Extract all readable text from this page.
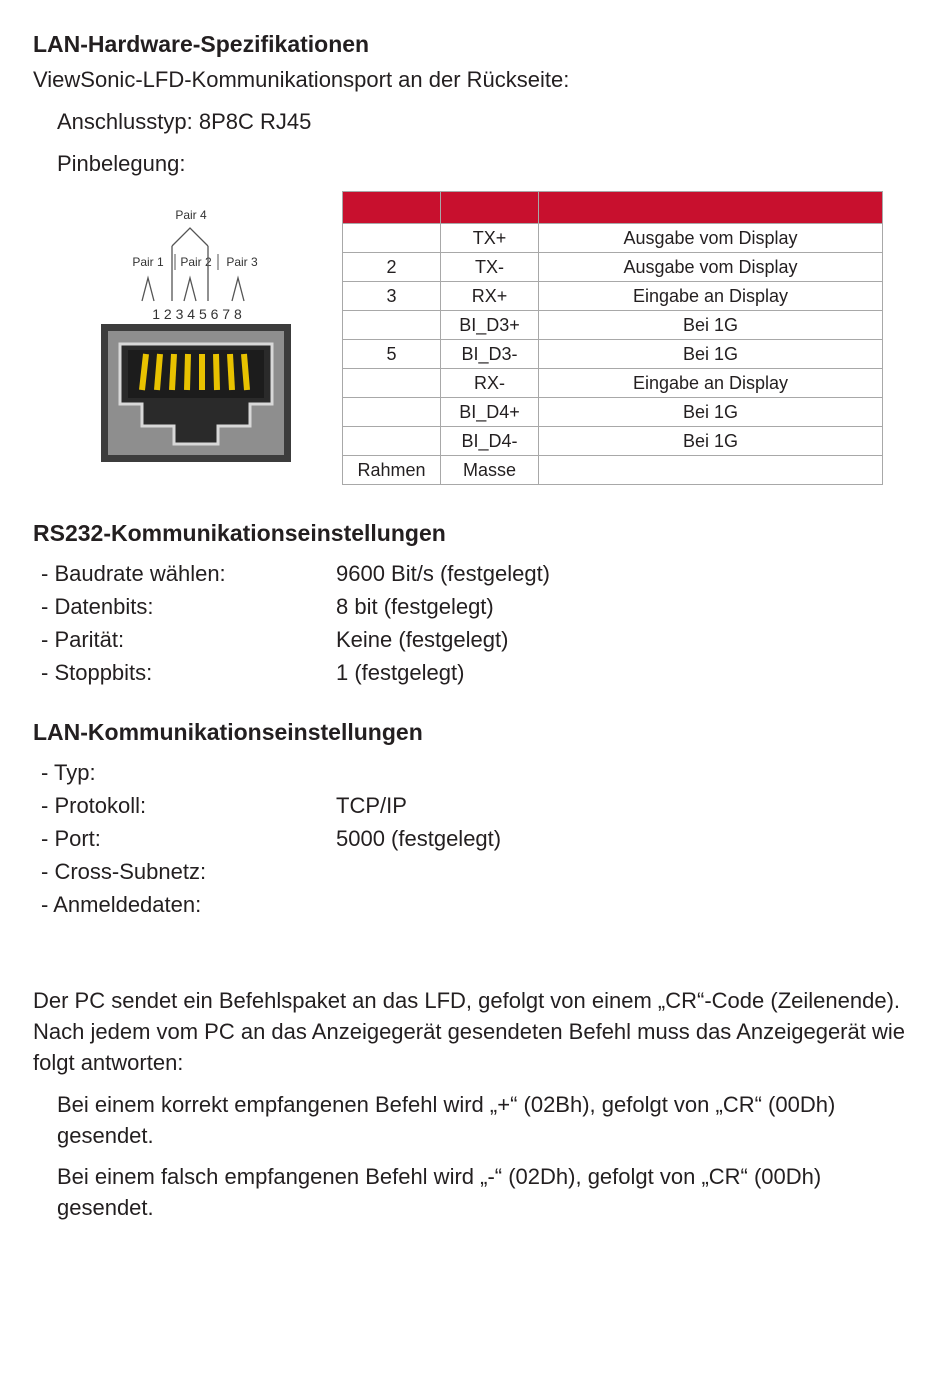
LAN-Hardware-Spezifikationen
ViewSonic-LFD-Kommunikationsport an der Rückseite:
Anschlusstyp: 8P8C RJ45
Pinbelegung:
Pair 4
Pair 1 Pair 2 Pair 3
1 2 3 4 5 6 7 8

	TX+	Ausgabe vom Display
2	TX-	Ausgabe vom Display
3	RX+	Eingabe an Display
	BI_D3+	Bei 1G
5	BI_D3-	Bei 1G
	RX-	Eingabe an Display
	BI_D4+	Bei 1G
	BI_D4-	Bei 1G
Rahmen	Masse	
RS232-Kommunikationseinstellungen
- Baudrate wählen:	9600 Bit/s (festgelegt)
- Datenbits:	8 bit (festgelegt)
- Parität:	Keine (festgelegt)
- Stoppbits:	1 (festgelegt)
LAN-Kommunikationseinstellungen
- Typ:
- Protokoll:	TCP/IP
- Port:	5000 (festgelegt)
- Cross-Subnetz:
- Anmeldedaten:

Der PC sendet ein Befehlspaket an das LFD, gefolgt von einem „CR“-Code (Zeilenende). Nach jedem vom PC an das Anzeigegerät gesendeten Befehl muss das Anzeigegerät wie folgt antworten:

Bei einem korrekt empfangenen Befehl wird „+“ (02Bh), gefolgt von „CR“ (00Dh) gesendet.

Bei einem falsch empfangenen Befehl wird „-“ (02Dh), gefolgt von „CR“ (00Dh) gesendet.
